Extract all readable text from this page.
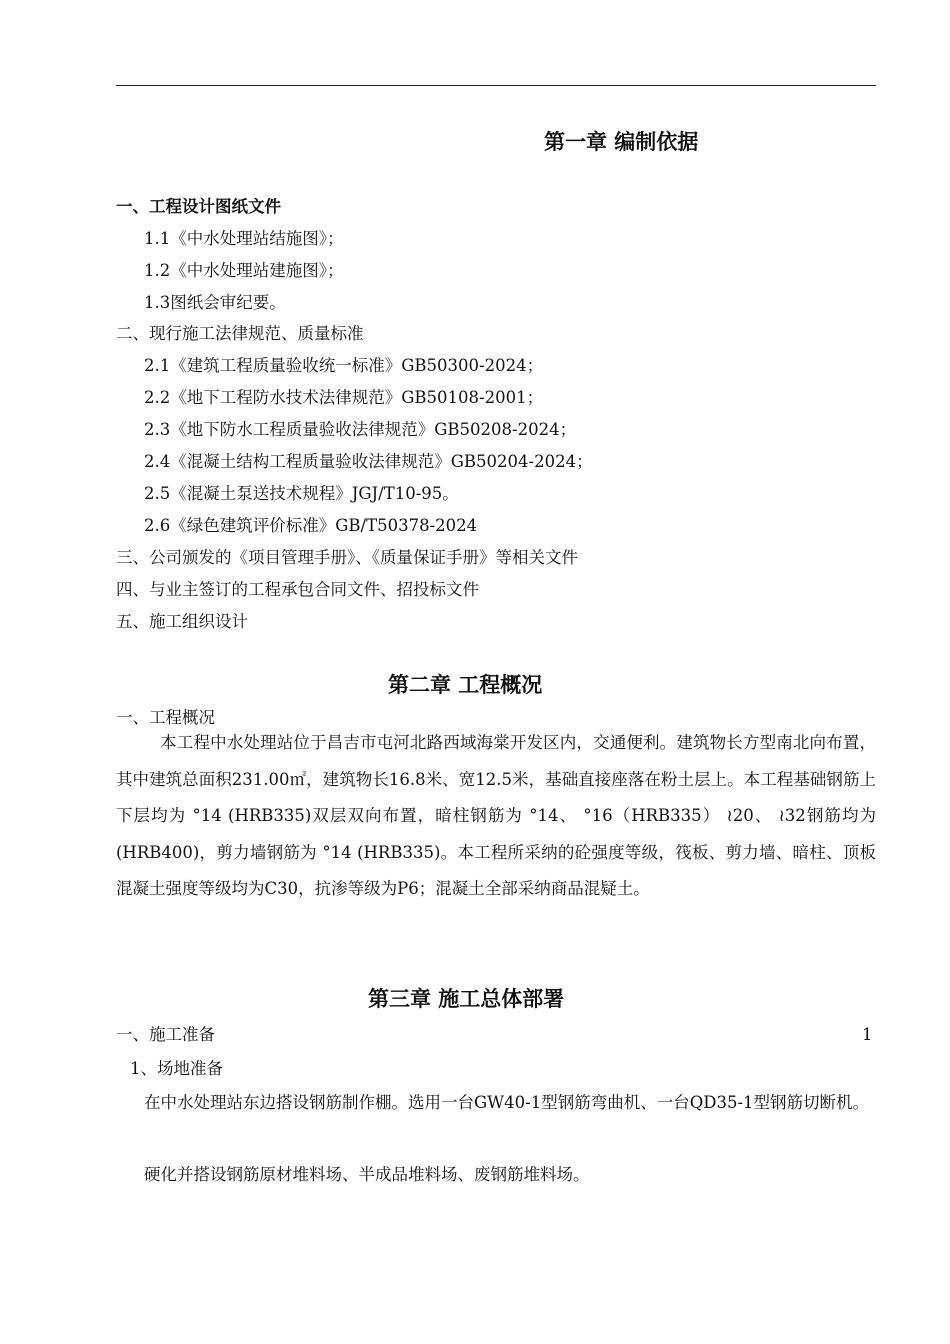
第一章 编制依据
一、工程设计图纸文件
1.1《中水处理站结施图》；
1.2《中水处理站建施图》；
1.3图纸会审纪要。
二、现行施工法律规范、质量标准
2.1《建筑工程质量验收统一标准》GB50300-2024；
2.2《地下工程防水技术法律规范》GB50108-2001；
2.3《地下防水工程质量验收法律规范》GB50208-2024；
2.4《混凝土结构工程质量验收法律规范》GB50204-2024；
2.5《混凝土泵送技术规程》JGJ/T10-95。
2.6《绿色建筑评价标准》GB/T50378-2024
三、公司颁发的《项目管理手册》、《质量保证手册》等相关文件
四、与业主签订的工程承包合同文件、招投标文件
五、施工组织设计
第二章 工程概况
一、工程概况
本工程中水处理站位于昌吉市屯河北路西域海棠开发区内，交通便利。建筑物长方型南北向布置，其中建筑总面积231.00㎡，建筑物长16.8米、宽12.5米，基础直接座落在粉土层上。本工程基础钢筋上下层均为 °14 (HRB335)双层双向布置，暗柱钢筋为 °14、 °16（HRB335） ≀20、 ≀32钢筋均为(HRB400)，剪力墙钢筋为 °14 (HRB335)。本工程所采纳的砼强度等级，筏板、剪力墙、暗柱、顶板混凝土强度等级均为C30，抗渗等级为P6；混凝土全部采纳商品混疑土。
第三章 施工总体部署
一、施工准备	1
1、场地准备
在中水处理站东边搭设钢筋制作棚。选用一台GW40-1型钢筋弯曲机、一台QD35-1型钢筋切断机。
硬化并搭设钢筋原材堆料场、半成品堆料场、废钢筋堆料场。
